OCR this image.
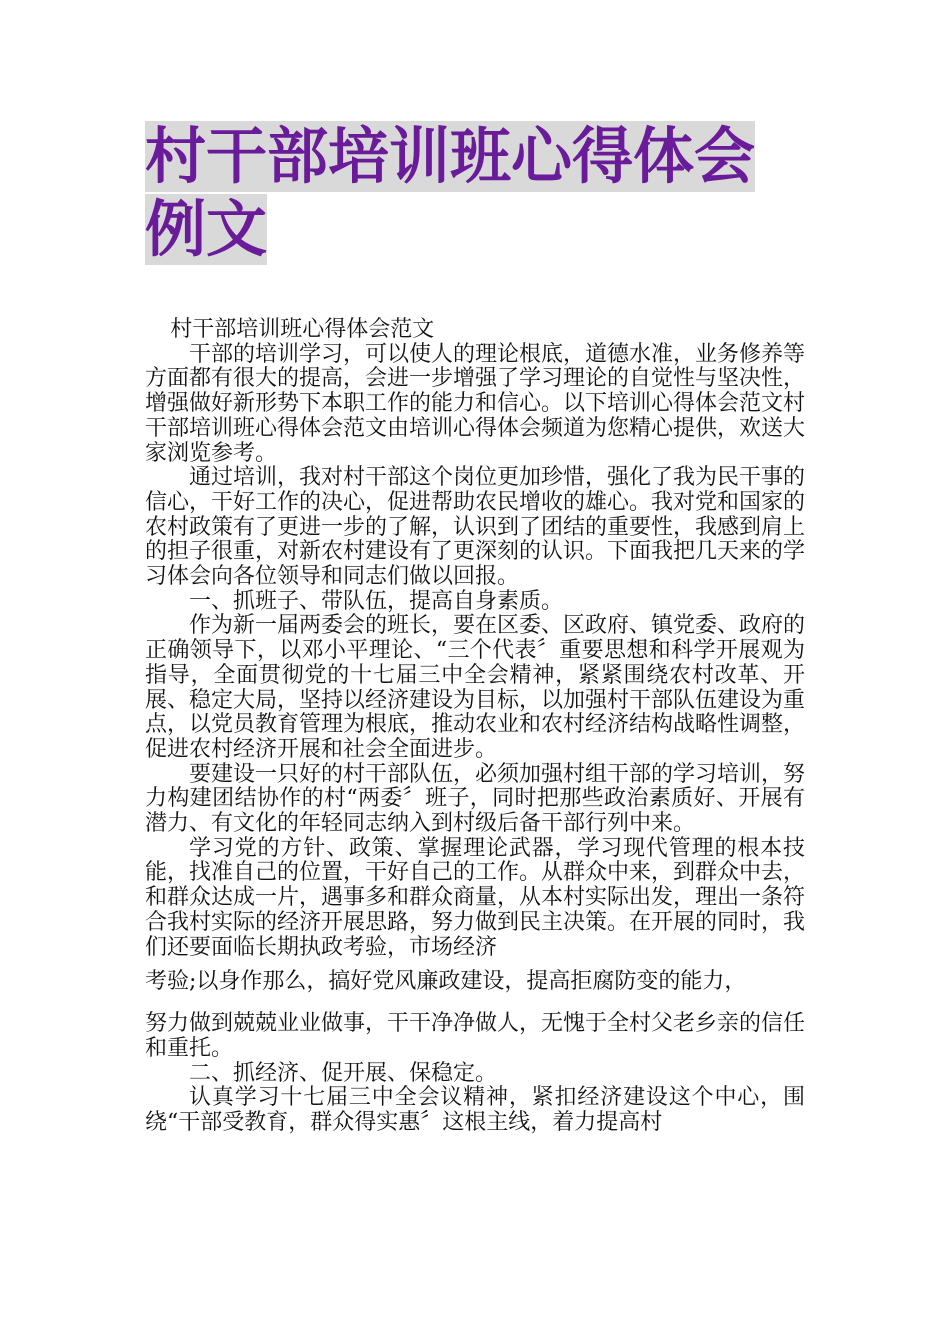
村干部培训班心得体会例文

村干部培训班心得体会范文

干部的培训学习，可以使人的理论根底，道德水准，业务修养等方面都有很大的提高，会进一步增强了学习理论的自觉性与坚决性，增强做好新形势下本职工作的能力和信心。以下培训心得体会范文村干部培训班心得体会范文由培训心得体会频道为您精心提供，欢送大家浏览参考。

通过培训，我对村干部这个岗位更加珍惜，强化了我为民干事的信心，干好工作的决心，促进帮助农民增收的雄心。我对党和国家的农村政策有了更进一步的了解，认识到了团结的重要性，我感到肩上的担子很重，对新农村建设有了更深刻的认识。下面我把几天来的学习体会向各位领导和同志们做以回报。

一、抓班子、带队伍，提高自身素质。

作为新一届两委会的班长，要在区委、区政府、镇党委、政府的正确领导下，以邓小平理论、“三个代表〞重要思想和科学开展观为指导，全面贯彻党的十七届三中全会精神，紧紧围绕农村改革、开展、稳定大局，坚持以经济建设为目标，以加强村干部队伍建设为重点，以党员教育管理为根底，推动农业和农村经济结构战略性调整，促进农村经济开展和社会全面进步。

要建设一只好的村干部队伍，必须加强村组干部的学习培训，努力构建团结协作的村“两委〞班子，同时把那些政治素质好、开展有潜力、有文化的年轻同志纳入到村级后备干部行列中来。

学习党的方针、政策、掌握理论武器，学习现代管理的根本技能，找准自己的位置，干好自己的工作。从群众中来，到群众中去，和群众达成一片，遇事多和群众商量，从本村实际出发，理出一条符合我村实际的经济开展思路，努力做到民主决策。在开展的同时，我们还要面临长期执政考验，市场经济

考验;以身作那么，搞好党风廉政建设，提高拒腐防变的能力，

努力做到兢兢业业做事，干干净净做人，无愧于全村父老乡亲的信任和重托。

二、抓经济、促开展、保稳定。

认真学习十七届三中全会议精神，紧扣经济建设这个中心，围绕“干部受教育，群众得实惠〞这根主线，着力提高村
